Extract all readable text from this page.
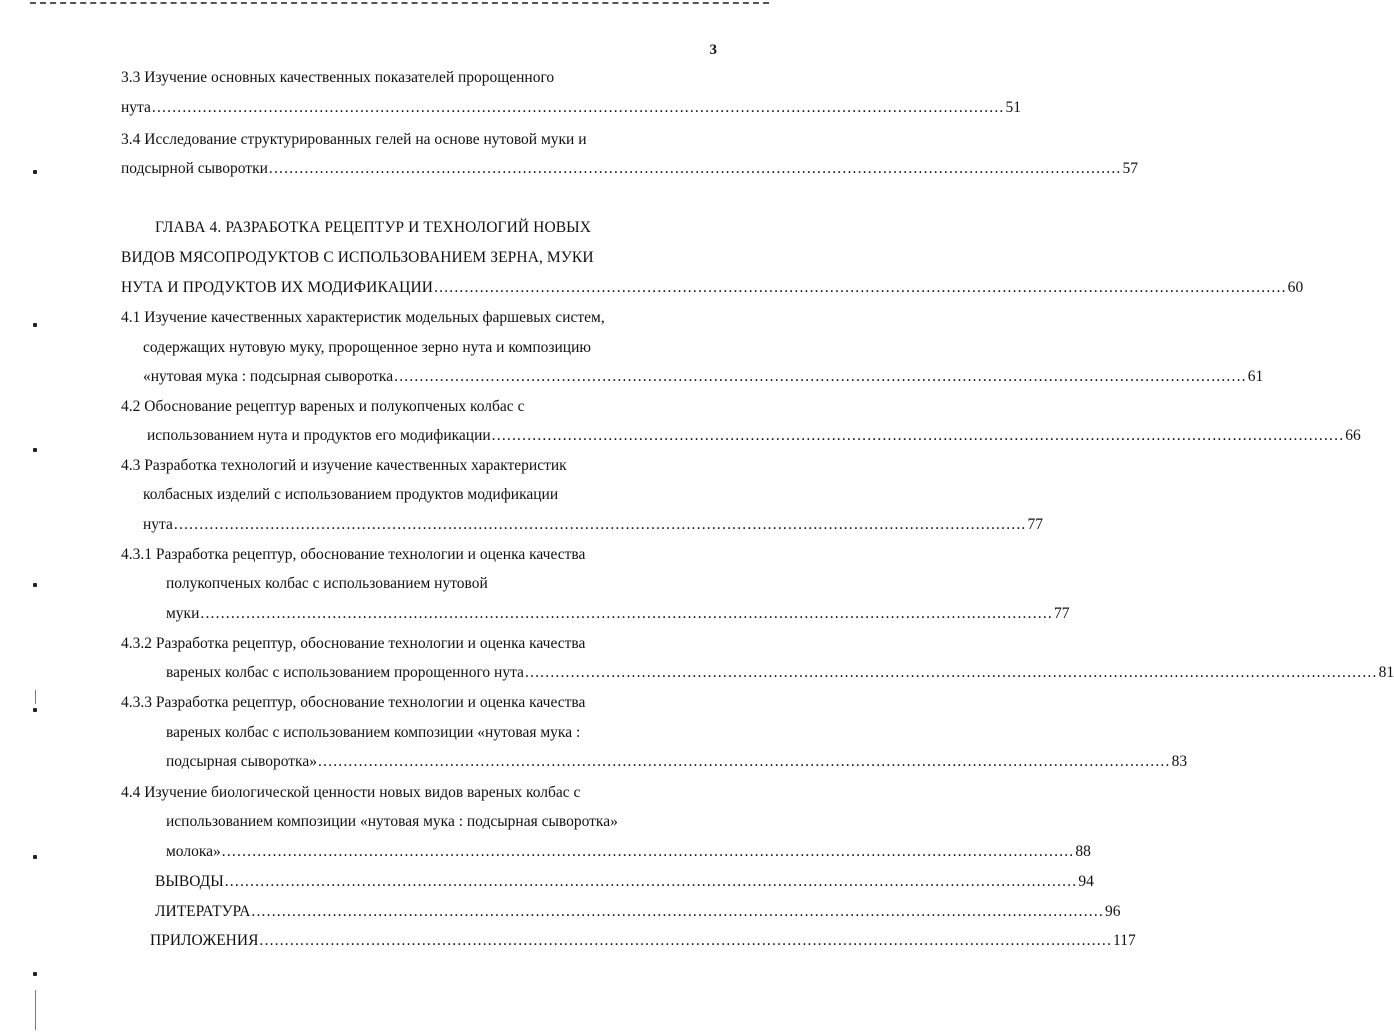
3
3.3 Изучение основных качественных показателей пророщенного
нута ........................................................................................................................................................................ 51
3.4 Исследование структурированных гелей на основе нутовой муки и
подсырной сыворотки ........................................................................................................................................................................ 57
ГЛАВА 4. РАЗРАБОТКА РЕЦЕПТУР И ТЕХНОЛОГИЙ НОВЫХ
ВИДОВ МЯСОПРОДУКТОВ С ИСПОЛЬЗОВАНИЕМ ЗЕРНА, МУКИ
НУТА И ПРОДУКТОВ ИХ МОДИФИКАЦИИ ........................................................................................................................................................................ 60
4.1 Изучение качественных характеристик модельных фаршевых систем,
содержащих нутовую муку, пророщенное зерно нута и композицию
«нутовая мука : подсырная сыворотка ........................................................................................................................................................................ 61
4.2 Обоснование рецептур вареных и полукопченых колбас с
использованием нута и продуктов его модификации ........................................................................................................................................................................ 66
4.3 Разработка технологий и изучение качественных характеристик
колбасных изделий с использованием продуктов модификации
нута ........................................................................................................................................................................ 77
4.3.1 Разработка рецептур, обоснование технологии и оценка качества
полукопченых колбас с использованием нутовой
муки ........................................................................................................................................................................ 77
4.3.2 Разработка рецептур, обоснование технологии и оценка качества
вареных колбас с использованием пророщенного нута ........................................................................................................................................................................ 81
4.3.3 Разработка рецептур, обоснование технологии и оценка качества
вареных колбас с использованием композиции «нутовая мука :
подсырная сыворотка» ........................................................................................................................................................................ 83
4.4 Изучение биологической ценности новых видов вареных колбас с
использованием композиции «нутовая мука : подсырная сыворотка»
молока» ........................................................................................................................................................................ 88
ВЫВОДЫ ........................................................................................................................................................................ 94
ЛИТЕРАТУРА ........................................................................................................................................................................ 96
ПРИЛОЖЕНИЯ ........................................................................................................................................................................ 117
